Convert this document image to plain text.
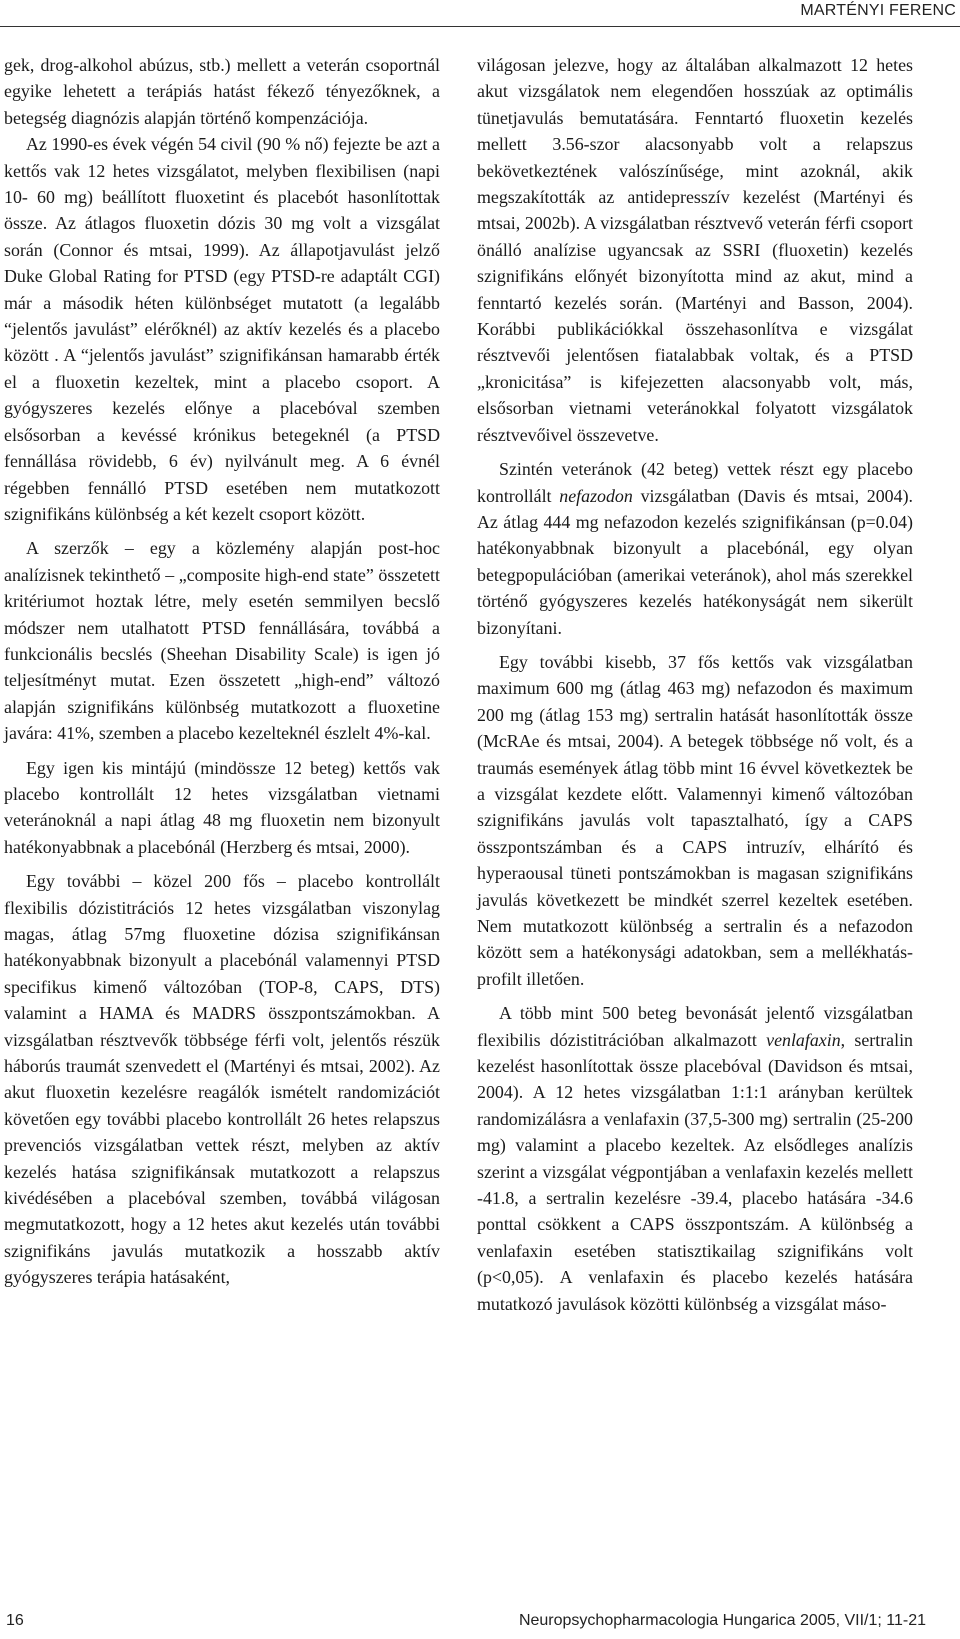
MARTÉNYI FERENC

gek, drog-alkohol abúzus, stb.) mellett a veterán csoportnál egyike lehetett a terápiás hatást fékező tényezőknek, a betegség diagnózis alapján történő kompenzációja.

Az 1990-es évek végén 54 civil (90 % nő) fejezte be azt a kettős vak 12 hetes vizsgálatot, melyben flexibilisen (napi 10- 60 mg) beállított fluoxetint és placebót hasonlítottak össze. Az átlagos fluoxetin dózis 30 mg volt a vizsgálat során (Connor és mtsai, 1999). Az állapotjavulást jelző Duke Global Rating for PTSD (egy PTSD-re adaptált CGI) már a második héten különbséget mutatott (a legalább “jelentős javulást” elérőknél) az aktív kezelés és a placebo között . A “jelentős javulást” szignifikánsan hamarabb érték el a fluoxetin kezeltek, mint a placebo csoport. A gyógyszeres kezelés előnye a placebóval szemben elsősorban a kevéssé krónikus betegeknél (a PTSD fennállása rövidebb, 6 év) nyilvánult meg. A 6 évnél régebben fennálló PTSD esetében nem mutatkozott szignifikáns különbség a két kezelt csoport között.

A szerzők – egy a közlemény alapján post-hoc analízisnek tekinthető – „composite high-end state” összetett kritériumot hoztak létre, mely esetén semmilyen becslő módszer nem utalhatott PTSD fennállására, továbbá a funkcionális becslés (Sheehan Disability Scale) is igen jó teljesítményt mutat. Ezen összetett „high-end” változó alapján szignifikáns különbség mutatkozott a fluoxetine javára: 41%, szemben a placebo kezelteknél észlelt 4%-kal.

Egy igen kis mintájú (mindössze 12 beteg) kettős vak placebo kontrollált 12 hetes vizsgálatban vietnami veteránoknál a napi átlag 48 mg fluoxetin nem bizonyult hatékonyabbnak a placebónál (Herzberg és mtsai, 2000).

Egy további – közel 200 fős – placebo kontrollált flexibilis dózistitrációs 12 hetes vizsgálatban viszonylag magas, átlag 57mg fluoxetine dózisa szignifikánsan hatékonyabbnak bizonyult a placebónál valamennyi PTSD specifikus kimenő változóban (TOP-8, CAPS, DTS) valamint a HAMA és MADRS összpontszámokban. A vizsgálatban résztvevők többsége férfi volt, jelentős részük háborús traumát szenvedett el (Martényi és mtsai, 2002). Az akut fluoxetin kezelésre reagálók ismételt randomizációt követően egy további placebo kontrollált 26 hetes relapszus prevenciós vizsgálatban vettek részt, melyben az aktív kezelés hatása szignifikánsak mutatkozott a relapszus kivédésében a placebóval szemben, továbbá világosan megmutatkozott, hogy a 12 hetes akut kezelés után további szignifikáns javulás mutatkozik a hosszabb aktív gyógyszeres terápia hatásaként,

világosan jelezve, hogy az általában alkalmazott 12 hetes akut vizsgálatok nem elegendően hosszúak az optimális tünetjavulás bemutatására. Fenntartó fluoxetin kezelés mellett 3.56-szor alacsonyabb volt a relapszus bekövetkeztének valószínűsége, mint azoknál, akik megszakították az antidepresszív kezelést (Martényi és mtsai, 2002b). A vizsgálatban résztvevő veterán férfi csoport önálló analízise ugyancsak az SSRI (fluoxetin) kezelés szignifikáns előnyét bizonyította mind az akut, mind a fenntartó kezelés során. (Martényi and Basson, 2004). Korábbi publikációkkal összehasonlítva e vizsgálat résztvevői jelentősen fiatalabbak voltak, és a PTSD „kronicitása” is kifejezetten alacsonyabb volt, más, elsősorban vietnami veteránokkal folyatott vizsgálatok résztvevőivel összevetve.

Szintén veteránok (42 beteg) vettek részt egy placebo kontrollált nefazodon vizsgálatban (Davis és mtsai, 2004). Az átlag 444 mg nefazodon kezelés szignifikánsan (p=0.04) hatékonyabbnak bizonyult a placebónál, egy olyan betegpopulációban (amerikai veteránok), ahol más szerekkel történő gyógyszeres kezelés hatékonyságát nem sikerült bizonyítani.

Egy további kisebb, 37 fős kettős vak vizsgálatban maximum 600 mg (átlag 463 mg) nefazodon és maximum 200 mg (átlag 153 mg) sertralin hatását hasonlították össze (McRAe és mtsai, 2004). A betegek többsége nő volt, és a traumás események átlag több mint 16 évvel következtek be a vizsgálat kezdete előtt. Valamennyi kimenő változóban szignifikáns javulás volt tapasztalható, így a CAPS összpontszámban és a CAPS intruzív, elhárító és hyperaousal tüneti pontszámokban is magasan szignifikáns javulás következett be mindkét szerrel kezeltek esetében. Nem mutatkozott különbség a sertralin és a nefazodon között sem a hatékonysági adatokban, sem a mellékhatás-profilt illetően.

A több mint 500 beteg bevonását jelentő vizsgálatban flexibilis dózistitrációban alkalmazott venlafaxin, sertralin kezelést hasonlítottak össze placebóval (Davidson és mtsai, 2004). A 12 hetes vizsgálatban 1:1:1 arányban kerültek randomizálásra a venlafaxin (37,5-300 mg) sertralin (25-200 mg) valamint a placebo kezeltek. Az elsődleges analízis szerint a vizsgálat végpontjában a venlafaxin kezelés mellett -41.8, a sertralin kezelésre -39.4, placebo hatására -34.6 ponttal csökkent a CAPS összpontszám. A különbség a venlafaxin esetében statisztikailag szignifikáns volt (p<0,05). A venlafaxin és placebo kezelés hatására mutatkozó javulások közötti különbség a vizsgálat máso-

16	Neuropsychopharmacologia Hungarica 2005, VII/1; 11-21
